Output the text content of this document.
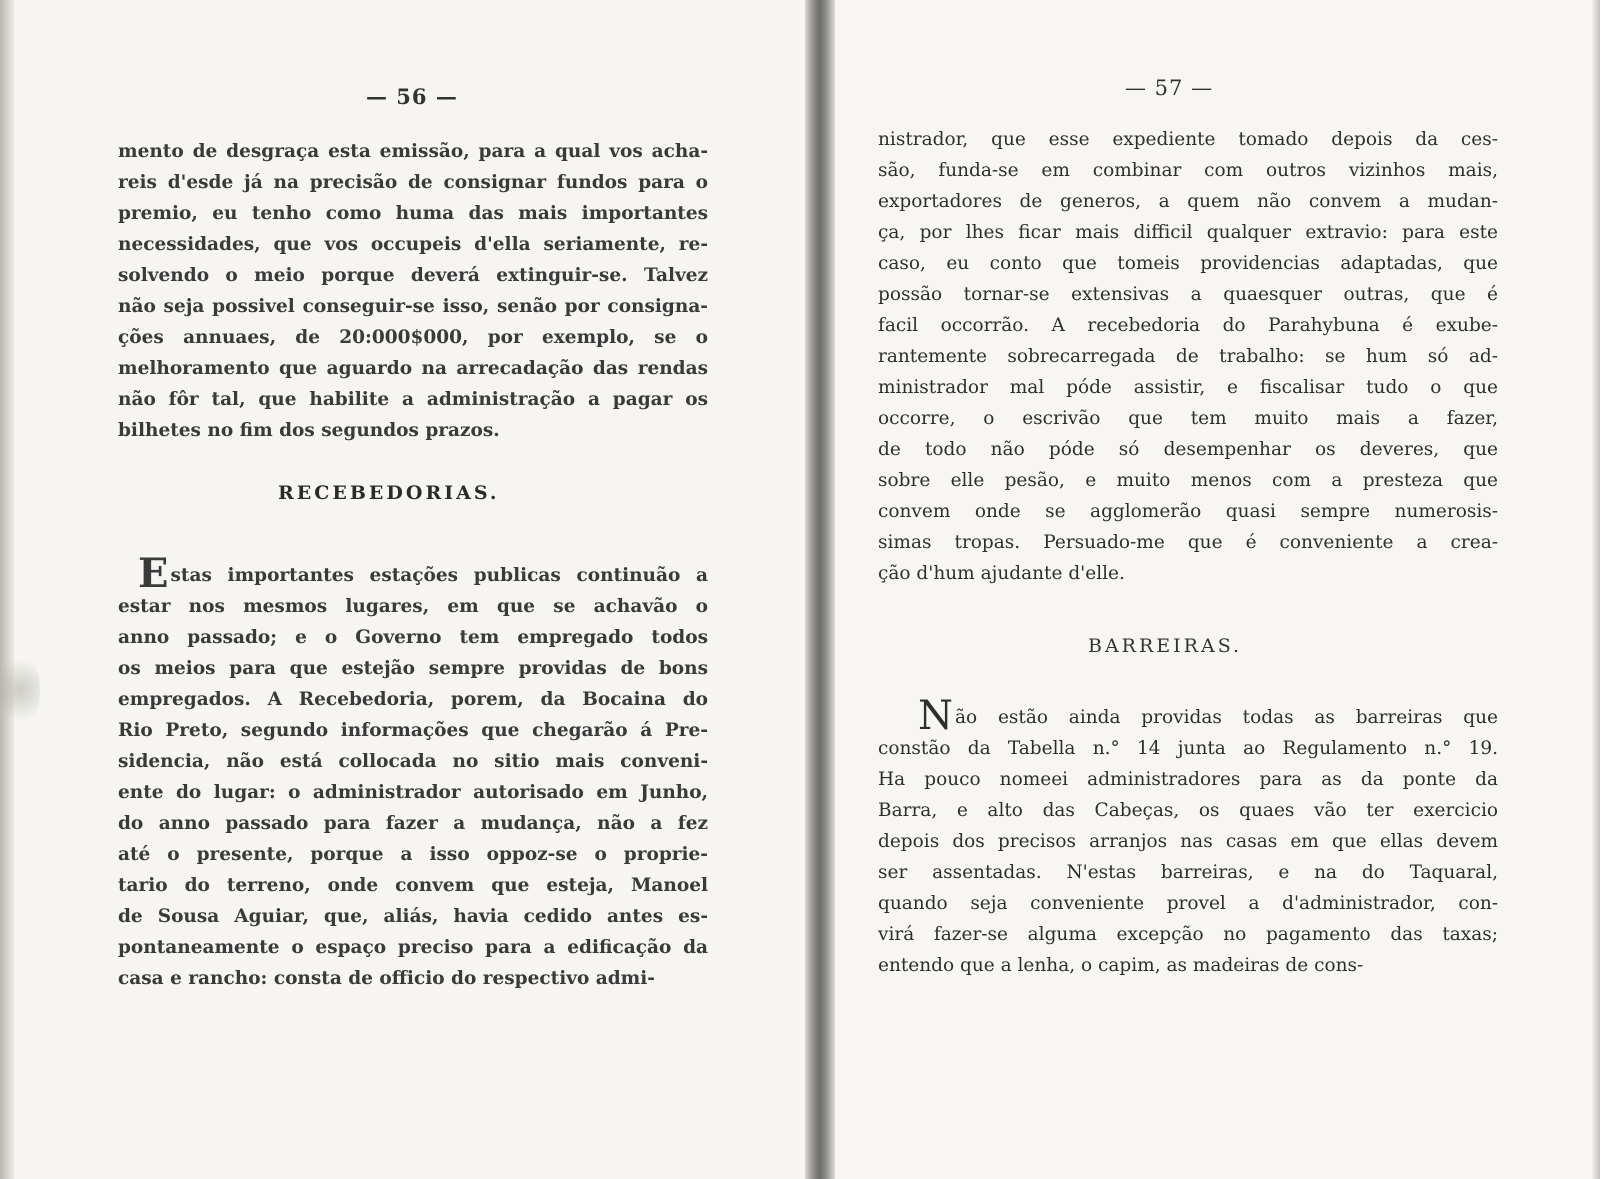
— 56 —
mento de desgraça esta emissão, para a qual vos acha-
reis d'esde já na precisão de consignar fundos para o
premio, eu tenho como huma das mais importantes
necessidades, que vos occupeis d'ella seriamente, re-
solvendo o meio porque deverá extinguir-se. Talvez
não seja possivel conseguir-se isso, senão por consigna-
ções annuaes, de 20:000$000, por exemplo, se o
melhoramento que aguardo na arrecadação das rendas
não fôr tal, que habilite a administração a pagar os
bilhetes no fim dos segundos prazos.
RECEBEDORIAS.
Estas importantes estações publicas continuão a
estar nos mesmos lugares, em que se achavão o
anno passado; e o Governo tem empregado todos
os meios para que estejão sempre providas de bons
empregados. A Recebedoria, porem, da Bocaina do
Rio Preto, segundo informações que chegarão á Pre-
sidencia, não está collocada no sitio mais conveni-
ente do lugar: o administrador autorisado em Junho,
do anno passado para fazer a mudança, não a fez
até o presente, porque a isso oppoz-se o proprie-
tario do terreno, onde convem que esteja, Manoel
de Sousa Aguiar, que, aliás, havia cedido antes es-
pontaneamente o espaço preciso para a edificação da
casa e rancho: consta de officio do respectivo admi-
— 57 —
nistrador, que esse expediente tomado depois da ces-
são, funda-se em combinar com outros vizinhos mais,
exportadores de generos, a quem não convem a mudan-
ça, por lhes ficar mais difficil qualquer extravio: para este
caso, eu conto que tomeis providencias adaptadas, que
possão tornar-se extensivas a quaesquer outras, que é
facil occorrão. A recebedoria do Parahybuna é exube-
rantemente sobrecarregada de trabalho: se hum só ad-
ministrador mal póde assistir, e fiscalisar tudo o que
occorre, o escrivão que tem muito mais a fazer,
de todo não póde só desempenhar os deveres, que
sobre elle pesão, e muito menos com a presteza que
convem onde se agglomerão quasi sempre numerosis-
simas tropas. Persuado-me que é conveniente a crea-
ção d'hum ajudante d'elle.
BARREIRAS.
Não estão ainda providas todas as barreiras que
constão da Tabella n.° 14 junta ao Regulamento n.° 19.
Ha pouco nomeei administradores para as da ponte da
Barra, e alto das Cabeças, os quaes vão ter exercicio
depois dos precisos arranjos nas casas em que ellas devem
ser assentadas. N'estas barreiras, e na do Taquaral,
quando seja conveniente provel a d'administrador, con-
virá fazer-se alguma excepção no pagamento das taxas;
entendo que a lenha, o capim, as madeiras de cons-
